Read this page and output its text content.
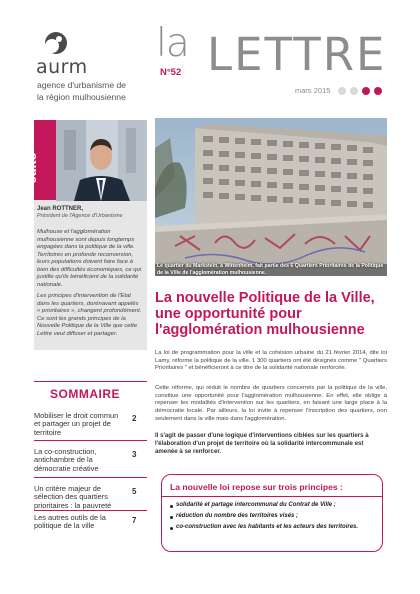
aurm
agence d'urbanisme de
la région mulhousienne
la
N°52 LETTRE
mars 2015
édito
Jean ROTTNER,
Président de l'Agence d'Urbanisme
Mulhouse et l'agglomération mulhousienne sont depuis longtemps engagées dans la politique de la ville. Territoires en profonde reconversion, leurs populations doivent faire face à bien des difficultés économiques, ce qui justifie qu'ils bénéficient de la solidarité nationale.
Les principes d'intervention de l'Etat dans les quartiers, dorénavant appelés « prioritaires », changent profondément. Ce sont les grands principes de la Nouvelle Politique de la Ville que cette Lettre veut diffuser et partager.
SOMMAIRE
Mobiliser le droit commun et partager un projet de territoire
2
La co-construction, antichambre de la démocratie créative
3
Un critère majeur de sélection des quartiers prioritaires : la pauvreté
5
Les autres outils de la politique de la ville
7
Le quartier du Markstein, à Wittenheim, fait partie des 6 Quartiers Prioritaires de la Politique de la Ville de l'agglomération mulhousienne.
La nouvelle Politique de la Ville, une opportunité pour l'agglomération mulhousienne
La loi de programmation pour la ville et la cohésion urbaine du 21 février 2014, dite loi Lamy, réforme la politique de la ville. 1 300 quartiers ont été désignés comme " Quartiers Prioritaires " et bénéficieront à ce titre de la solidarité nationale renforcée.
Cette réforme, qui réduit le nombre de quartiers concernés par la politique de la ville, constitue une opportunité pour l'agglomération mulhousienne. En effet, elle oblige à repenser les modalités d'intervention sur les quartiers, en faisant une large place à la démocratie locale. Par ailleurs, la loi invite à repenser l'inscription des quartiers, non seulement dans la ville mais dans l'agglomération.
Il s'agit de passer d'une logique d'interventions ciblées sur les quartiers à l'élaboration d'un projet de territoire où la solidarité intercommunale est amenée à se renforcer.
La nouvelle loi repose sur trois principes :
solidarité et partage intercommunal du Contrat de Ville ;
réduction du nombre des territoires visés ;
co-construction avec les habitants et les acteurs des territoires.
